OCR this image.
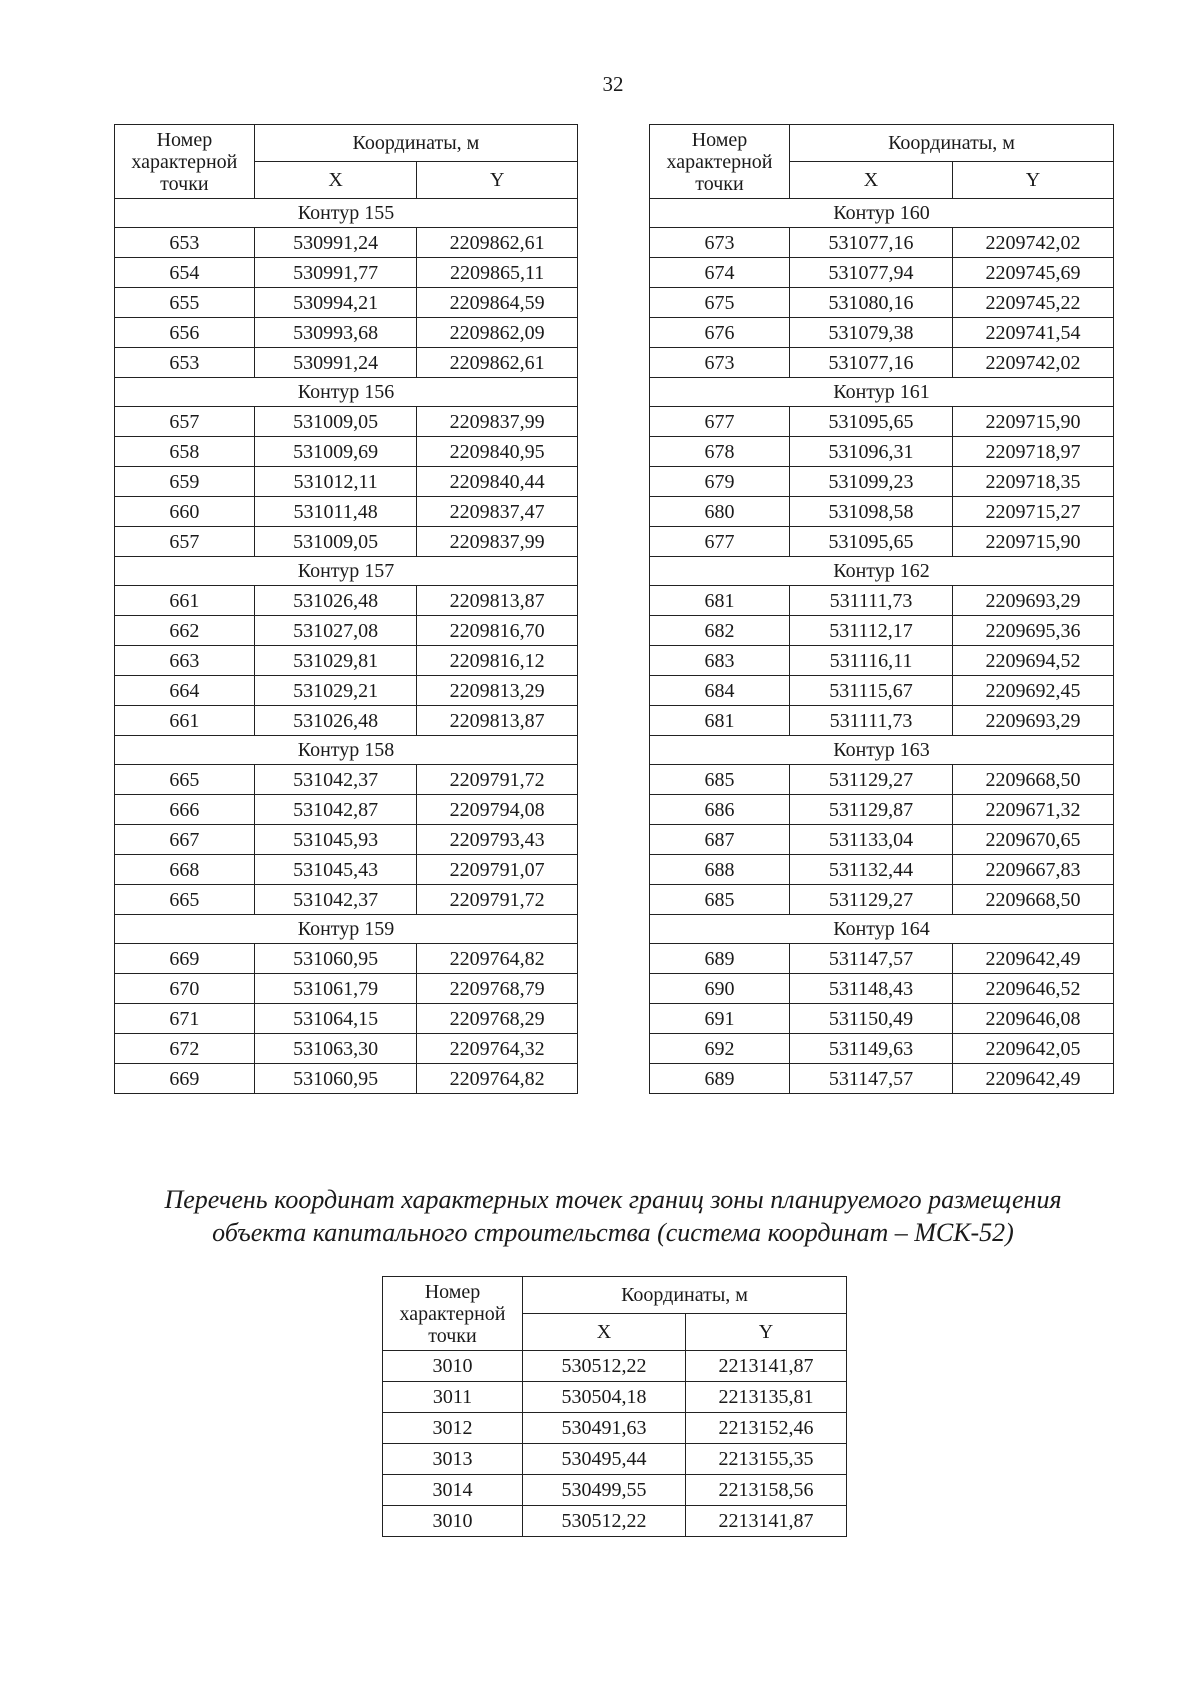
32
Номер характерной точки	Координаты, м	
	X	Y
Контур 155		
653	530991,24	2209862,61
654	530991,77	2209865,11
655	530994,21	2209864,59
656	530993,68	2209862,09
653	530991,24	2209862,61
Контур 156		
657	531009,05	2209837,99
658	531009,69	2209840,95
659	531012,11	2209840,44
660	531011,48	2209837,47
657	531009,05	2209837,99
Контур 157		
661	531026,48	2209813,87
662	531027,08	2209816,70
663	531029,81	2209816,12
664	531029,21	2209813,29
661	531026,48	2209813,87
Контур 158		
665	531042,37	2209791,72
666	531042,87	2209794,08
667	531045,93	2209793,43
668	531045,43	2209791,07
665	531042,37	2209791,72
Контур 159		
669	531060,95	2209764,82
670	531061,79	2209768,79
671	531064,15	2209768,29
672	531063,30	2209764,32
669	531060,95	2209764,82
Номер характерной точки	Координаты, м	
	X	Y
Контур 160		
673	531077,16	2209742,02
674	531077,94	2209745,69
675	531080,16	2209745,22
676	531079,38	2209741,54
673	531077,16	2209742,02
Контур 161		
677	531095,65	2209715,90
678	531096,31	2209718,97
679	531099,23	2209718,35
680	531098,58	2209715,27
677	531095,65	2209715,90
Контур 162		
681	531111,73	2209693,29
682	531112,17	2209695,36
683	531116,11	2209694,52
684	531115,67	2209692,45
681	531111,73	2209693,29
Контур 163		
685	531129,27	2209668,50
686	531129,87	2209671,32
687	531133,04	2209670,65
688	531132,44	2209667,83
685	531129,27	2209668,50
Контур 164		
689	531147,57	2209642,49
690	531148,43	2209646,52
691	531150,49	2209646,08
692	531149,63	2209642,05
689	531147,57	2209642,49
Перечень координат характерных точек границ зоны планируемого размещения
объекта капитального строительства (система координат – МСК-52)
Номер характерной точки	Координаты, м	
	X	Y
3010	530512,22	2213141,87
3011	530504,18	2213135,81
3012	530491,63	2213152,46
3013	530495,44	2213155,35
3014	530499,55	2213158,56
3010	530512,22	2213141,87
